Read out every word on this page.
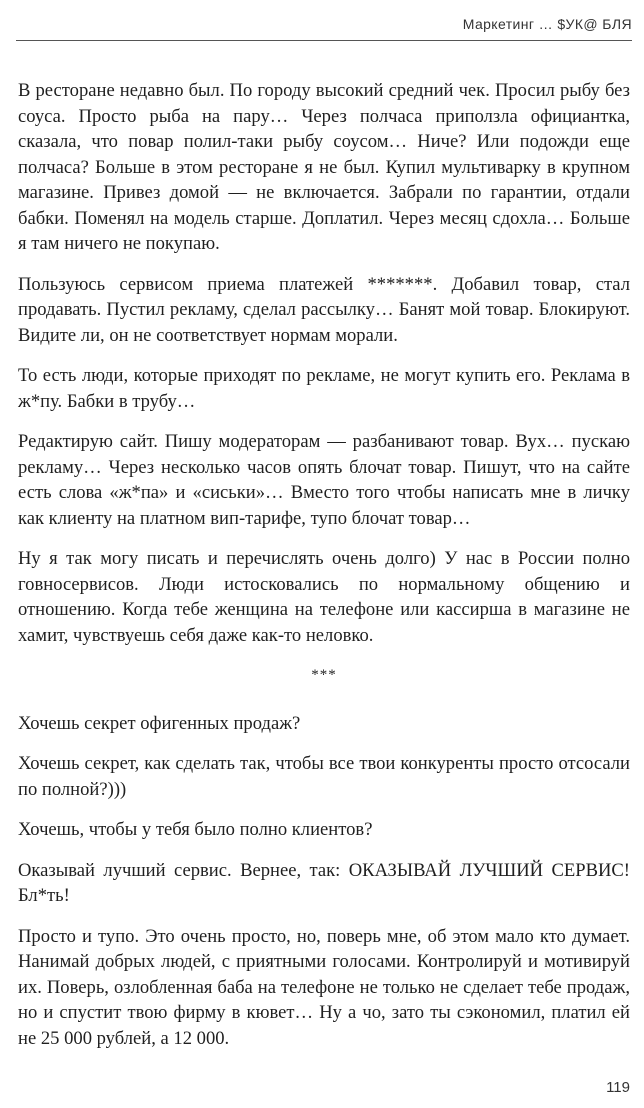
Маркетинг … $УК@ БЛЯ

В ресторане недавно был. По городу высокий средний чек. Просил рыбу без соуса. Просто рыба на пару… Через полчаса приползла официантка, сказала, что повар полил-таки рыбу соусом… Ниче? Или подожди еще полчаса? Больше в этом ресторане я не был. Купил мультиварку в крупном магазине. Привез домой — не включается. Забрали по гарантии, отдали бабки. Поменял на модель старше. Доплатил. Через месяц сдохла… Больше я там ничего не покупаю.

Пользуюсь сервисом приема платежей *******. Добавил товар, стал продавать. Пустил рекламу, сделал рассылку… Банят мой товар. Блокируют. Видите ли, он не соответствует нормам морали.

То есть люди, которые приходят по рекламе, не могут купить его. Реклама в ж*пу. Бабки в трубу…

Редактирую сайт. Пишу модераторам — разбанивают товар. Вух… пускаю рекламу… Через несколько часов опять блочат товар. Пишут, что на сайте есть слова «ж*па» и «сиськи»… Вместо того чтобы написать мне в личку как клиенту на платном вип-тарифе, тупо блочат товар…

Ну я так могу писать и перечислять очень долго) У нас в России полно говносервисов. Люди истосковались по нормальному общению и отношению. Когда тебе женщина на телефоне или кассирша в магазине не хамит, чувствуешь себя даже как-то неловко.

***

Хочешь секрет офигенных продаж?

Хочешь секрет, как сделать так, чтобы все твои конкуренты просто отсосали по полной?)))

Хочешь, чтобы у тебя было полно клиентов?

Оказывай лучший сервис. Вернее, так: ОКАЗЫВАЙ ЛУЧШИЙ СЕРВИС! Бл*ть!

Просто и тупо. Это очень просто, но, поверь мне, об этом мало кто думает. Нанимай добрых людей, с приятными голосами. Контролируй и мотивируй их. Поверь, озлобленная баба на телефоне не только не сделает тебе продаж, но и спустит твою фирму в кювет… Ну а чо, зато ты сэкономил, платил ей не 25 000 рублей, а 12 000.

119
